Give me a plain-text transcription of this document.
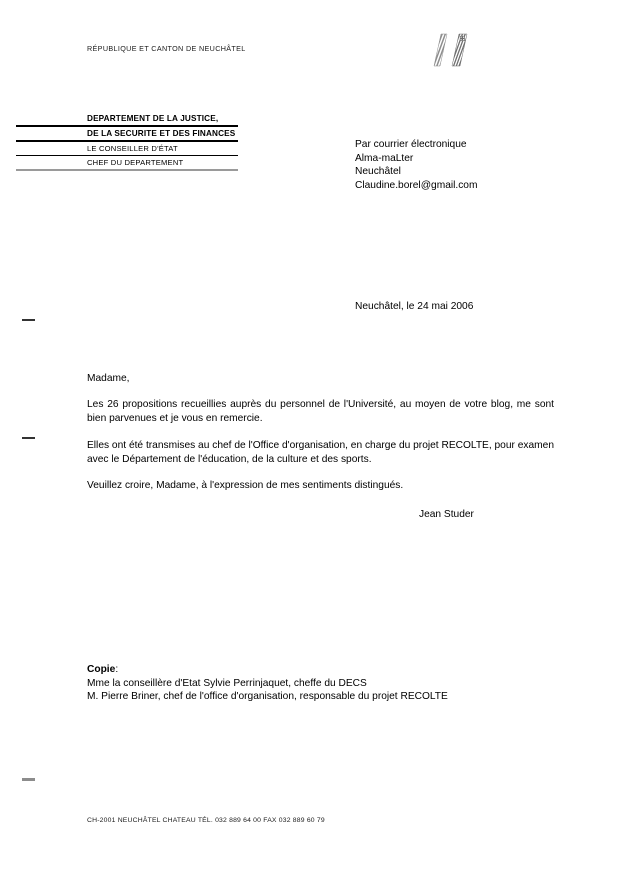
RÉPUBLIQUE ET CANTON DE NEUCHÂTEL
DEPARTEMENT DE LA JUSTICE,
DE LA SECURITE ET DES FINANCES
LE CONSEILLER D'ÉTAT
CHEF DU DEPARTEMENT
Par courrier électronique
Alma-maLter
Neuchâtel
Claudine.borel@gmail.com
Neuchâtel, le 24 mai 2006

Madame,

Les 26 propositions recueillies auprès du personnel de l'Université, au moyen de votre blog, me sont bien parvenues et je vous en remercie.

Elles ont été transmises au chef de l'Office d'organisation, en charge du projet RECOLTE, pour examen avec le Département de l'éducation, de la culture et des sports.

Veuillez croire, Madame, à l'expression de mes sentiments distingués.

Jean Studer
Copie:
Mme la conseillère d'Etat Sylvie Perrinjaquet, cheffe du DECS
M. Pierre Briner, chef de l'office d'organisation, responsable du projet RECOLTE
CH-2001 NEUCHÂTEL CHATEAU TÉL. 032 889 64 00 FAX 032 889 60 79
